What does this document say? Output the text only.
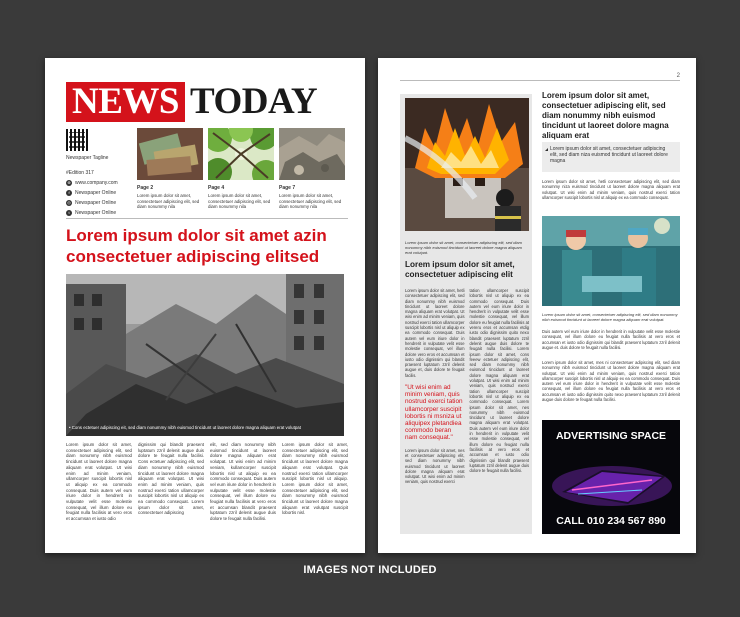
NEWS TODAY
Newspaper Tagline
#Edition 317
⊕ www.company.com
f	Newspaper Online
◎ Newspaper Online
t	Newspaper Online
Page 2
Lorem ipsum dolor sit amet, consectetuer adipiscing elit, sed diam nonummy nila
Page 4
Lorem ipsum dolor sit amet, consectetuer adipiscing elit, sed diam nonummy nila
Page 7
Lorem ipsum dolor sit amet, consectetuer adipiscing elit, sed diam nonummy nila
Lorem ipsum dolor sit amet azin consectetuer adipiscing elitsed
• Cons ectetuer adipiscing eit, sed diam nonummy nibh euismod tincidunt ut laoreet dolore magna aliquam erat volutpat
Lorem ipsum dolor sit amet, consectetuer adipiscing elit, sed diam nonummy nibh euismod tincidunt ut laoreet dolore magna aliquam erat volutpat. Ut wisi enim ad minim veniam, ullamcorper suscipit lobortis nisl ut aliquip ex ea commodo consequat. Duis autem vel eum iriure dolor in hendrerit in vulputate velit esse molestie consequat, vel illum dolore eu feugiat nulla facilisis at vero eros et accumsan et iusto odio
dignissim qui blandit praesent luptatum zzril delenit augue duis dolore te feugait nulla facilisi. Cons ectetuer adipiscing elit, sed diam nonummy nibh euismod tincidunt ut laoreet dolore magna aliquam erat volutpat. Ut wisi enim ad minim veniam, quis nostrud exerci tation ullamcorper suscipit lobortis nisl ut aliquip ex ea commodo consequat. Lorem ipsum dolor sit amet, consectetuer adipiscing
elit, sed diam nonummy nibh euismod tincidunt ut laoreet dolore magna aliquam erat volutpat. Ut wisi enim ad minim veniam, kullamcorper suscipit lobortis nisl ut aliquip ex ea commodo consequat. Duis autem vel eum iriure dolor in hendrerit in vulputate velit esse molestie consequat, vel illum dolore eu feugiat nulla facilisis at vero eros et accumsan blandit praesent luptatum zzril delenit augue duis dolore te feugait nulla facilisi.
Lorem ipsum dolor sit amet, consectetuer adipiscing elit, sed diam nonummy nibh euismod tincidunt ut laoreet dolore magna aliquam erat volutpat. Quis nostrud exerci tation ullamcorper suscipit lobortis nisl ut aliquip. Lorem ipsum dolor sit amet, consectetuer adipiscing elit, sed diam nonummy nibh euismod tincidunt ut laoreet dolore magna aliquam erat volutpat suscipit lobortis nisl.
2
Lorem ipsum dolor sit amet, consectetuer adipiscing elit, sed diam nonummy nibh euismod tincidunt ut laoreet dolore magna aliquam erat volutpat.
Lorem ipsum dolor sit amet, consectetuer adipiscing elit
Lorem ipsum dolor sit amet, hetli consectetuer adipiscing elit, sed diam nonummy nibh euismod tincidunt ut laoreet dolore magna aliquam erat volutpat. Ut wisi enim ad minim veniam, quis nostrud exerci tation ullamcorper suscipit lobortis nisl ut aliquip ex ea commodo consequat. Duis autem vel eum iriure dolor in hendrerit in vulputate velit esse molestie consequat, vel illum dolore vero eros et accumsan et iusto odio dignissim qui blandit praesent luptatum zzril delenit augue et, duis dolore te feugait facilis.

"Ut wisi enim ad minim veniam, quis nostrud exerci tation ullamcorper suscipit lobortis ni msniza ut aliquipex pletandiea commodo beran nam consequat."

Lorem ipsum dolor sit amet, nes et consectetuer adipiscing elit, sed diam nonummy nibh euismod tincidunt ut laoreet dolore magna aliquam erat volutpat. Ut wisi enim ad minim veniam, quis nostrud exerci
tation ullamcorper suscipit lobortis nisl ut aliquip ex ea commodo consequat. Duis autem vel eum iriure dolor in hendrerit in vulputate velit esse molestie consequat, vel illum dolore eu feugiat nulla facilisis at vereru eros et accumsan etdig iusto odio dignissim quito nexo blandit praesent luptatum zzril delenit augue duis dolore te feugait nulla facilisi. Lorem ipsum dolor sit amet, cons feeew ectetuer adipiscing elit, sed diam nonummy nibh euismod tincidunt ut laoreet dolore magna aliquam erat volutpat. Ut wisi enim ad minim veniam, quis nostrud exerci tation ullamcorper suscipit lobortis nisl ut aliquip ex ea commodo consequat. Lorem ipsum dolor sit amet, nes nonummy nibh euismod tincidunt ut laoreet dolore magna aliquam erat volutpat. Duis autem vel eum iriure dolor in hendrerit in vulputate velit esse molestie consequat, vel illum dolore eu feugiat nulla facilisis at vero eros et accumsan et iusto odio dignissim qui blandit praesent luptatum zzril delenit augue duis dolore te feugait nulla facilisi.
Lorem ipsum dolor sit amet, consectetuer adipiscing elit, sed diam nonummy nibh euismod tincidunt ut laoreet dolore magna aliquam erat
Lorem ipsum dolor sit amet, consectetuer adipiscing elit, sed diam niza euismod tincidunt ut laoreet dolore magna
Lorem ipsum dolor sit amet, hetli consectetuer adipiscing elit, sed diam nonummy niza euismod tincidunt ut laoreet dolore magna aliquam erat volutpat. Ut wisi enim ad minim veniam, quis nostrud exerci tation ullamcorper suscipit lobortis nisl ut aliquip ex ea commodo consequat.
Lorem ipsum dolor sit amet, consectetuer adipiscing elit, sed diam nonummy nibh euismod tincidunt ut laoreet dolore magna aliquam erat volutpat.
Duis autem vel eum iriure dolor in hendrerit in vulputate velit esse molestie consequat, vel illum dolore eu feugiat nulla facilisis at vero eros et accumsan et iusto odio dignissim qui blandit praesent luptatum zzril delenit augue et. duis dolore te feugait nulla facilisi.
Lorem ipsum dolor sit amet, mes ni consectetuer adipiscing elit, sed diam nonummy nibh euismod tincidunt ut laoreet dolore magna aliquam erat volutpat. Ut wisi enim ad minim veniam, quis nostrud exerci tation ullamcorper suscipit lobortis nisl ut aliquip ex ea commodo consequat. Duis autem vel eum iriure dolor in hendrerit in vulputate velit esse molestie consequat, vel illum dolore eu feugiat nulla facilisis at vero eros et accumsan et iusto odio dignissim quito nexo praesent luptatum zzril delenit augue duis dolore te feugait nulla facilisi.
ADVERTISING SPACE
CALL 010 234 567 890
IMAGES NOT INCLUDED
